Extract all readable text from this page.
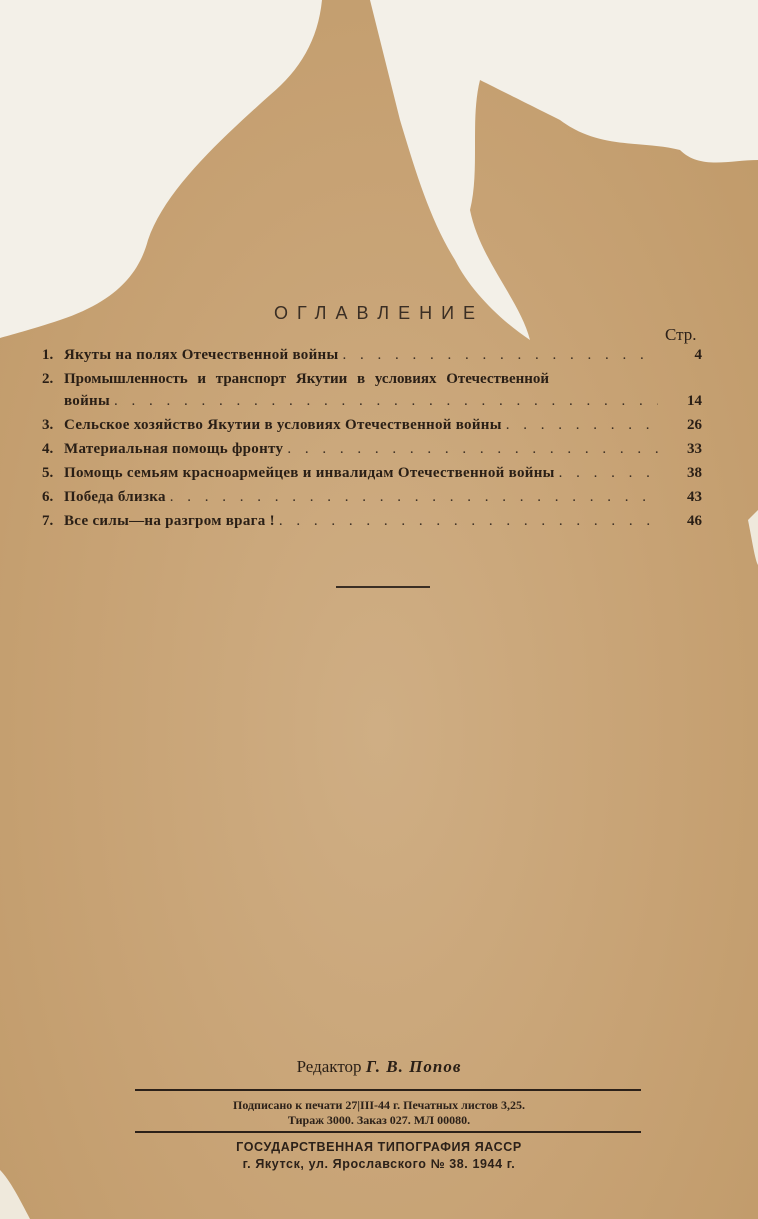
ОГЛАВЛЕНИЕ
Стр.
1. Якуты на полях Отечественной войны . . .	4
2. Промышленность и транспорт Якутии в условиях Отечественной
войны . . .	14
3. Сельское хозяйство Якутии в условиях Отечественной войны . . .	26
4. Материальная помощь фронту . . .	33
5. Помощь семьям красноармейцев и инвалидам Отечественной войны . . .	38
6. Победа близка . . .	43
7. Все силы—на разгром врага ! . . .	46
Редактор Г. В. Попов
Подписано к печати 27|III-44 г. Печатных листов 3,25.
Тираж 3000. Заказ 027. МЛ 00080.
ГОСУДАРСТВЕННАЯ ТИПОГРАФИЯ ЯАССР
г. Якутск, ул. Ярославского № 38. 1944 г.
